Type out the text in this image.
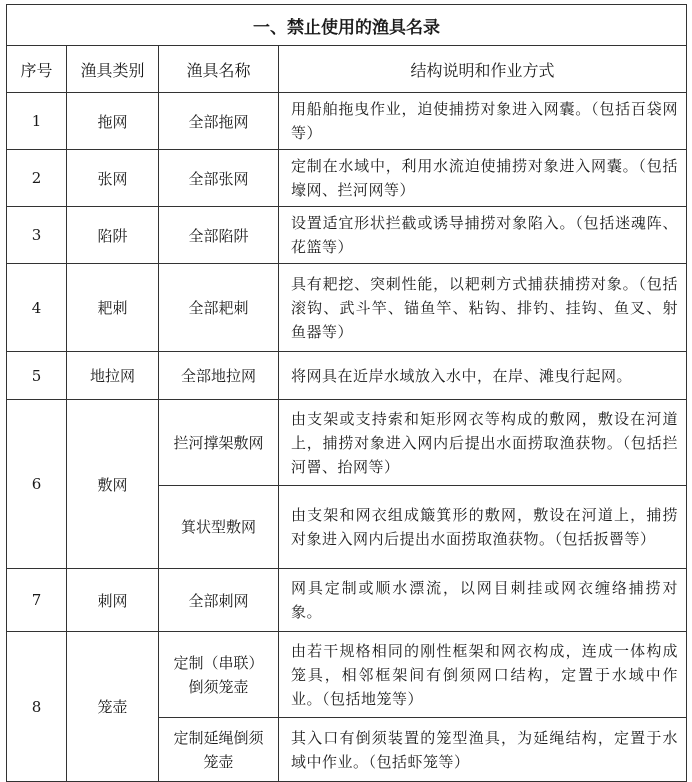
一、禁止使用的渔具名录			
序号	渔具类别	渔具名称	结构说明和作业方式
1	拖网	全部拖网	用船舶拖曳作业，迫使捕捞对象进入网囊。（包括百袋网等）
2	张网	全部张网	定制在水域中，利用水流迫使捕捞对象进入网囊。（包括壕网、拦河网等）
3	陷阱	全部陷阱	设置适宜形状拦截或诱导捕捞对象陷入。（包括迷魂阵、花篮等）
4	耙刺	全部耙刺	具有耙挖、突刺性能，以耙刺方式捕获捕捞对象。（包括滚钩、武斗竿、锚鱼竿、粘钩、排钓、挂钩、鱼叉、射鱼器等）
5	地拉网	全部地拉网	将网具在近岸水域放入水中，在岸、滩曳行起网。
6	敷网	拦河撑架敷网	由支架或支持索和矩形网衣等构成的敷网，敷设在河道上，捕捞对象进入网内后提出水面捞取渔获物。（包括拦河罾、抬网等）
		箕状型敷网	由支架和网衣组成簸箕形的敷网，敷设在河道上，捕捞对象进入网内后提出水面捞取渔获物。（包括扳罾等）
7	刺网	全部刺网	网具定制或顺水漂流，以网目刺挂或网衣缠络捕捞对象。
8	笼壶	定制（串联）倒须笼壶	由若干规格相同的刚性框架和网衣构成，连成一体构成笼具，相邻框架间有倒须网口结构，定置于水域中作业。（包括地笼等）
		定制延绳倒须笼壶	其入口有倒须装置的笼型渔具，为延绳结构，定置于水域中作业。（包括虾笼等）
